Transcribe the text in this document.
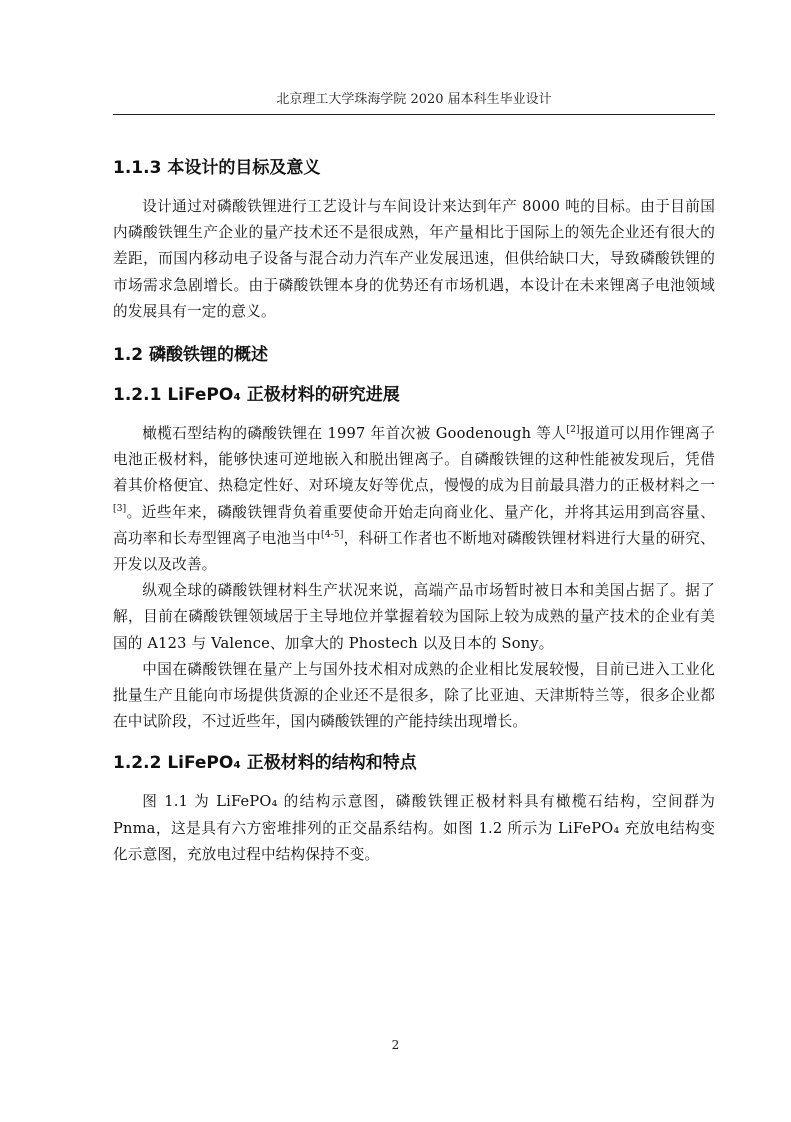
北京理工大学珠海学院 2020 届本科生毕业设计
1.1.3 本设计的目标及意义

设计通过对磷酸铁锂进行工艺设计与车间设计来达到年产 8000 吨的目标。由于目前国内磷酸铁锂生产企业的量产技术还不是很成熟，年产量相比于国际上的领先企业还有很大的差距，而国内移动电子设备与混合动力汽车产业发展迅速，但供给缺口大，导致磷酸铁锂的市场需求急剧增长。由于磷酸铁锂本身的优势还有市场机遇，本设计在未来锂离子电池领域的发展具有一定的意义。

1.2 磷酸铁锂的概述
1.2.1 LiFePO₄ 正极材料的研究进展

橄榄石型结构的磷酸铁锂在 1997 年首次被 Goodenough 等人[2]报道可以用作锂离子电池正极材料，能够快速可逆地嵌入和脱出锂离子。自磷酸铁锂的这种性能被发现后，凭借着其价格便宜、热稳定性好、对环境友好等优点，慢慢的成为目前最具潜力的正极材料之一[3]。近些年来，磷酸铁锂背负着重要使命开始走向商业化、量产化，并将其运用到高容量、高功率和长寿型锂离子电池当中[4-5]，科研工作者也不断地对磷酸铁锂材料进行大量的研究、开发以及改善。

纵观全球的磷酸铁锂材料生产状况来说，高端产品市场暂时被日本和美国占据了。据了解，目前在磷酸铁锂领域居于主导地位并掌握着较为国际上较为成熟的量产技术的企业有美国的 A123 与 Valence、加拿大的 Phostech 以及日本的 Sony。

中国在磷酸铁锂在量产上与国外技术相对成熟的企业相比发展较慢，目前已进入工业化批量生产且能向市场提供货源的企业还不是很多，除了比亚迪、天津斯特兰等，很多企业都在中试阶段，不过近些年，国内磷酸铁锂的产能持续出现增长。

1.2.2 LiFePO₄ 正极材料的结构和特点

图 1.1 为 LiFePO₄ 的结构示意图，磷酸铁锂正极材料具有橄榄石结构，空间群为 Pnma，这是具有六方密堆排列的正交晶系结构。如图 1.2 所示为 LiFePO₄ 充放电结构变化示意图，充放电过程中结构保持不变。

2
